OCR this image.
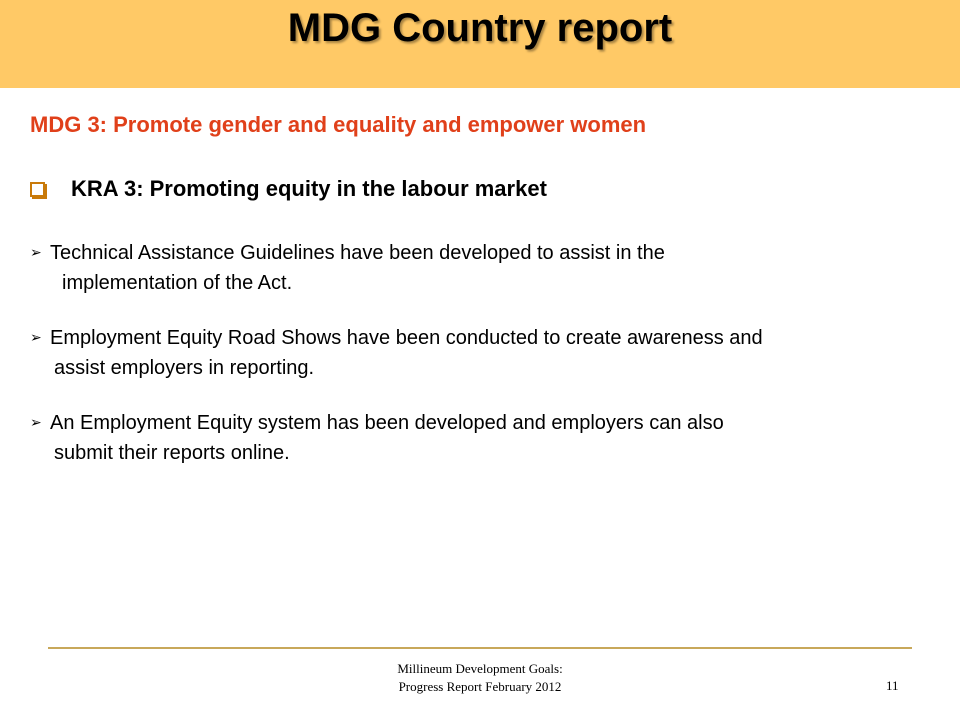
MDG Country report
MDG 3: Promote gender and equality and empower women
KRA 3: Promoting equity in the labour market
➢ Technical Assistance Guidelines have been developed to assist in the
implementation of the Act.
➢ Employment Equity Road Shows have been conducted to create awareness and
assist employers in reporting.
➢ An Employment Equity system has been developed and employers can also
submit their reports online.
Millineum Development Goals:
Progress Report February 2012	11
